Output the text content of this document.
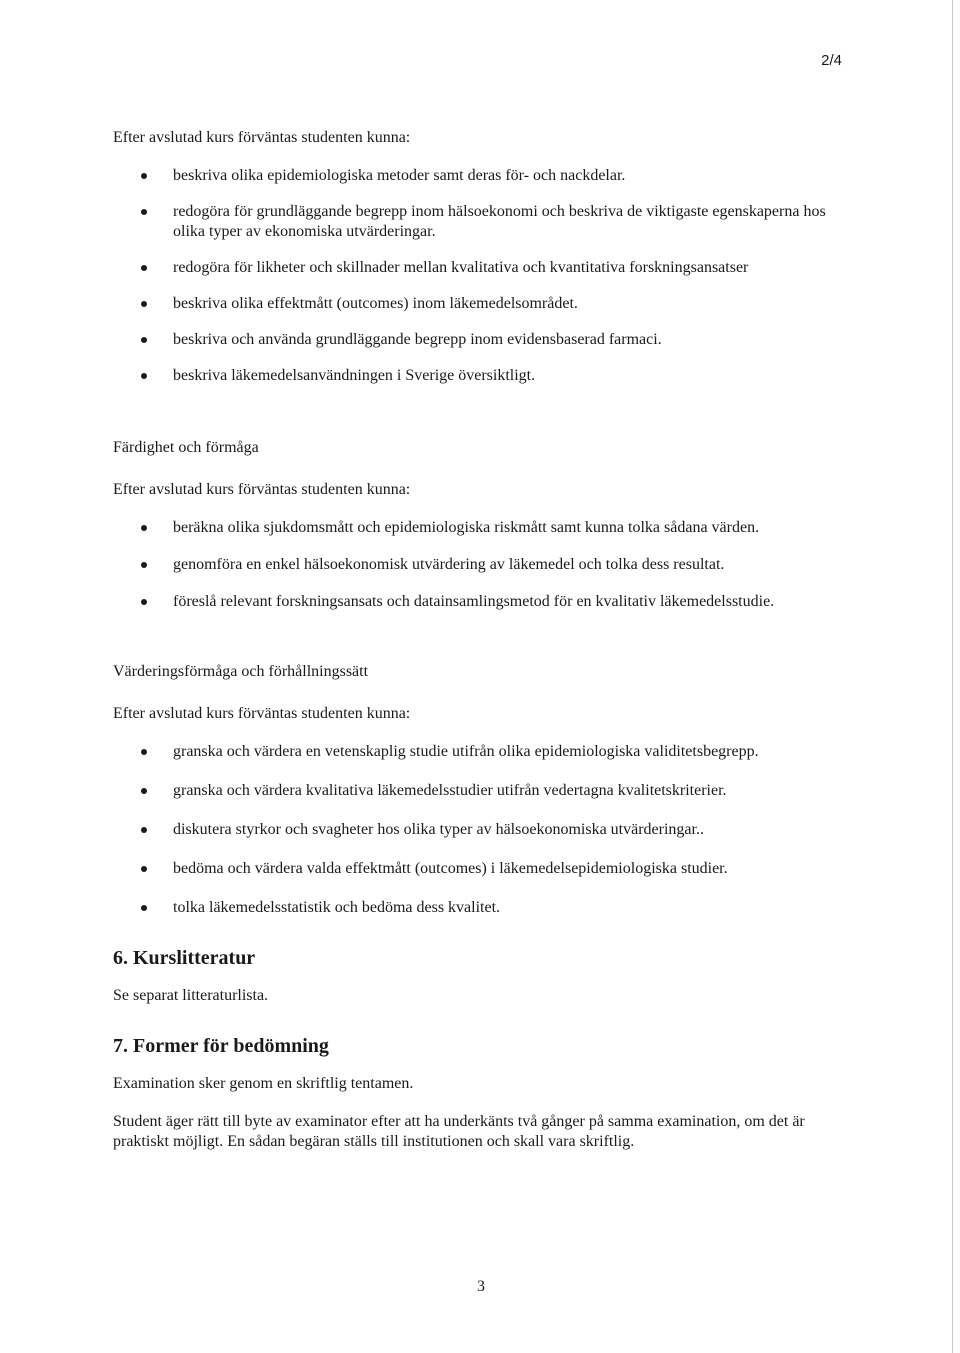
2/4

Efter avslutad kurs förväntas studenten kunna:

beskriva olika epidemiologiska metoder samt deras för- och nackdelar.
redogöra för grundläggande begrepp inom hälsoekonomi och beskriva de viktigaste egenskaperna hos olika typer av ekonomiska utvärderingar.
redogöra för likheter och skillnader mellan kvalitativa och kvantitativa forskningsansatser
beskriva olika effektmått (outcomes) inom läkemedelsområdet.
beskriva och använda grundläggande begrepp inom evidensbaserad farmaci.
beskriva läkemedelsanvändningen i Sverige översiktligt.

Färdighet och förmåga

Efter avslutad kurs förväntas studenten kunna:

beräkna olika sjukdomsmått och epidemiologiska riskmått samt kunna tolka sådana värden.
genomföra en enkel hälsoekonomisk utvärdering av läkemedel och tolka dess resultat.
föreslå relevant forskningsansats och datainsamlingsmetod för en kvalitativ läkemedelsstudie.

Värderingsförmåga och förhållningssätt

Efter avslutad kurs förväntas studenten kunna:

granska och värdera en vetenskaplig studie utifrån olika epidemiologiska validitetsbegrepp.
granska och värdera kvalitativa läkemedelsstudier utifrån vedertagna kvalitetskriterier.
diskutera styrkor och svagheter hos olika typer av hälsoekonomiska utvärderingar..
bedöma och värdera valda effektmått (outcomes) i läkemedelsepidemiologiska studier.
tolka läkemedelsstatistik och bedöma dess kvalitet.
6. Kurslitteratur

Se separat litteraturlista.

7. Former för bedömning

Examination sker genom en skriftlig tentamen.

Student äger rätt till byte av examinator efter att ha underkänts två gånger på samma examination, om det är praktiskt möjligt. En sådan begäran ställs till institutionen och skall vara skriftlig.

3
